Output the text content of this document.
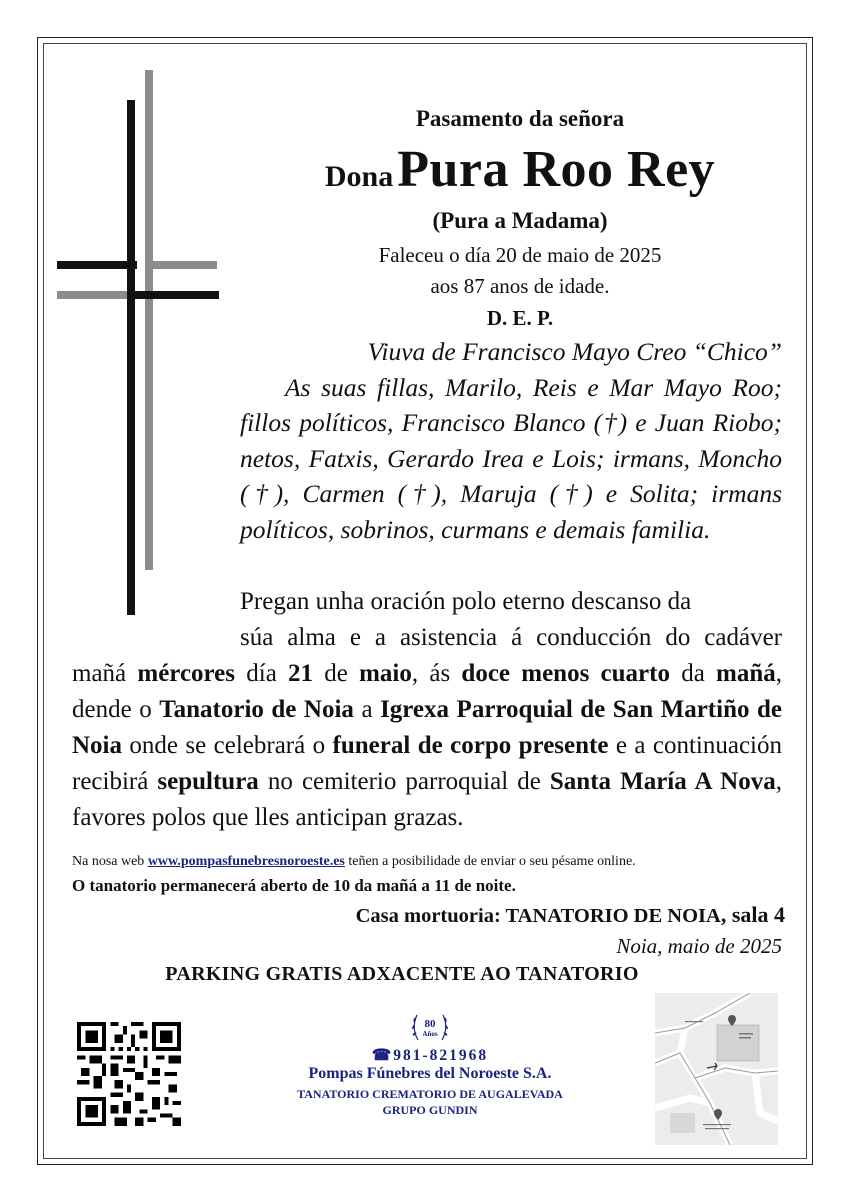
Pasamento da señora
Dona Pura Roo Rey
(Pura a Madama)
Faleceu o día 20 de maio de 2025
aos 87 anos de idade.
D. E. P.
Viuva de Francisco Mayo Creo “Chico”
As suas fillas, Marilo, Reis e Mar Mayo Roo; fillos políticos, Francisco Blanco (†) e Juan Riobo; netos, Fatxis, Gerardo Irea e Lois; irmans, Moncho (†), Carmen (†), Maruja (†) e Solita; irmans políticos, sobrinos, curmans e demais familia.
Pregan unha oración polo eterno descanso da
súa alma e a asistencia á conducción do cadáver
mañá mércores día 21 de maio, ás doce menos cuarto da mañá, dende o Tanatorio de Noia a Igrexa Parroquial de San Martiño de Noia onde se celebrará o funeral de corpo presente e a continuación recibirá sepultura no cemiterio parroquial de Santa María A Nova, favores polos que lles anticipan grazas.
Na nosa web www.pompasfunebresnoroeste.es teñen a posibilidade de enviar o seu pésame online.
O tanatorio permanecerá aberto de 10 da mañá a 11 de noite.
Casa mortuoria: TANATORIO DE NOIA, sala 4
Noia, maio de 2025
PARKING GRATIS ADXACENTE AO TANATORIO
80
Años
☎981-821968
Pompas Fúnebres del Noroeste S.A.
TANATORIO CREMATORIO DE AUGALEVADA
GRUPO GUNDIN
